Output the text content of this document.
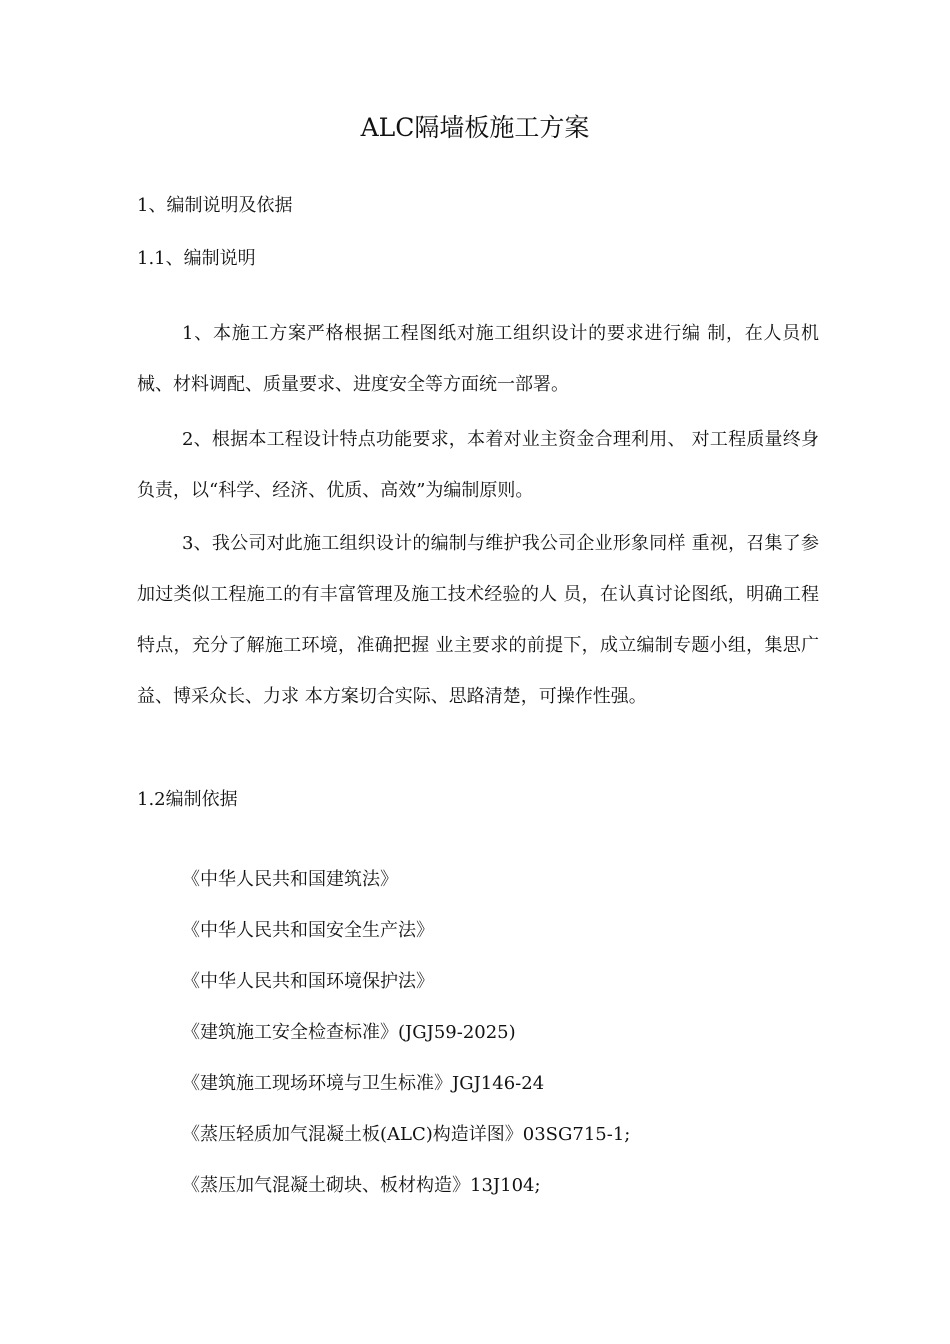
ALC隔墙板施工方案
1、编制说明及依据
1.1、编制说明
1、本施工方案严格根据工程图纸对施工组织设计的要求进行编 制，在人员机械、材料调配、质量要求、进度安全等方面统一部署。
2、根据本工程设计特点功能要求，本着对业主资金合理利用、 对工程质量终身负责，以“科学、经济、优质、高效”为编制原则。
3、我公司对此施工组织设计的编制与维护我公司企业形象同样 重视，召集了参加过类似工程施工的有丰富管理及施工技术经验的人 员，在认真讨论图纸，明确工程特点，充分了解施工环境，准确把握 业主要求的前提下，成立编制专题小组，集思广益、博采众长、力求 本方案切合实际、思路清楚，可操作性强。
1.2编制依据
《中华人民共和国建筑法》
《中华人民共和国安全生产法》
《中华人民共和国环境保护法》
《建筑施工安全检查标准》(JGJ59-2025)
《建筑施工现场环境与卫生标准》JGJ146-24
《蒸压轻质加气混凝土板(ALC)构造详图》03SG715-1;
《蒸压加气混凝土砌块、板材构造》13J104;
